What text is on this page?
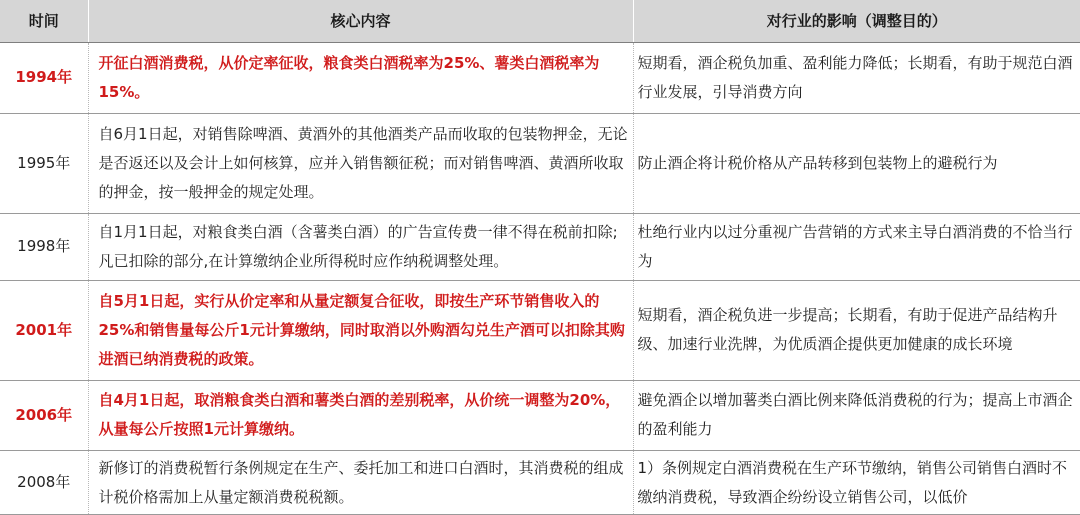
时间	核心内容	对行业的影响（调整目的）
1994年	开征白酒消费税，从价定率征收，粮食类白酒税率为25%、薯类白酒税率为15%。	短期看，酒企税负加重、盈利能力降低；长期看，有助于规范白酒行业发展，引导消费方向
1995年	自6月1日起，对销售除啤酒、黄酒外的其他酒类产品而收取的包装物押金，无论是否返还以及会计上如何核算，应并入销售额征税；而对销售啤酒、黄酒所收取的押金，按一般押金的规定处理。	防止酒企将计税价格从产品转移到包装物上的避税行为
1998年	自1月1日起，对粮食类白酒（含薯类白酒）的广告宣传费一律不得在税前扣除;凡已扣除的部分,在计算缴纳企业所得税时应作纳税调整处理。	杜绝行业内以过分重视广告营销的方式来主导白酒消费的不恰当行为
2001年	自5月1日起，实行从价定率和从量定额复合征收，即按生产环节销售收入的25%和销售量每公斤1元计算缴纳，同时取消以外购酒勾兑生产酒可以扣除其购进酒已纳消费税的政策。	短期看，酒企税负进一步提高；长期看，有助于促进产品结构升级、加速行业洗牌，为优质酒企提供更加健康的成长环境
2006年	自4月1日起，取消粮食类白酒和薯类白酒的差别税率，从价统一调整为20%，从量每公斤按照1元计算缴纳。	避免酒企以增加薯类白酒比例来降低消费税的行为；提高上市酒企的盈利能力
2008年	新修订的消费税暂行条例规定在生产、委托加工和进口白酒时，其消费税的组成计税价格需加上从量定额消费税税额。	1）条例规定白酒消费税在生产环节缴纳，销售公司销售白酒时不缴纳消费税，导致酒企纷纷设立销售公司，以低价
